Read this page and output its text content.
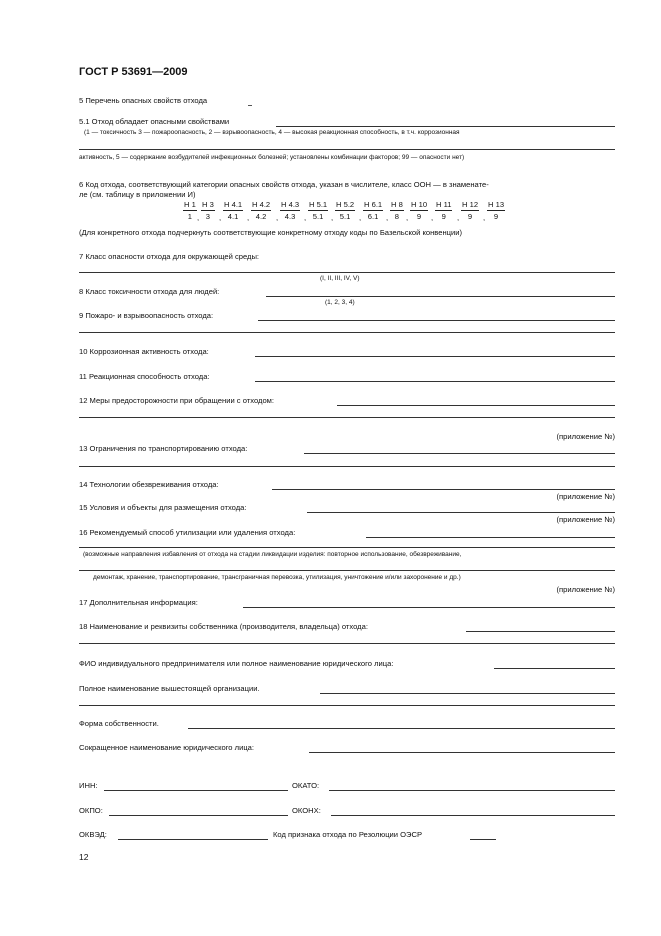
ГОСТ Р 53691—2009
5 Перечень опасных свойств отхода
5.1 Отход обладает опасными свойствами
(1 — токсичность 3 — пожароопасность, 2 — взрывоопасность, 4 — высокая реакционная способность, в т.ч. коррозионная
активность, 5 — содержание возбудителей инфекционных болезней; установлены комбинации факторов; 99 — опасности нет)
6 Код отхода, соответствующий категории опасных свойств отхода, указан в числителе, класс ООН — в знаменате-
ле (см. таблицу в приложении И)
$\frac{H 1}{1}$ , $\frac{H 3}{3}$ , $\frac{H 4.1}{4.1}$ , $\frac{H 4.2}{4.2}$ , $\frac{H 4.3}{4.3}$ , $\frac{H 5.1}{5.1}$ , $\frac{H 5.2}{5.1}$ , $\frac{H 6.1}{6.1}$ , $\frac{H 8}{8}$ , $\frac{H 10}{9}$ , $\frac{H 11}{9}$ , $\frac{H 12}{9}$ , $\frac{H 13}{9}$
(Для конкретного отхода подчеркнуть соответствующие конкретному отходу коды по Базельской конвенции)
7 Класс опасности отхода для окружающей среды:
(I, II, III, IV, V)
8 Класс токсичности отхода для людей:
(1, 2, 3, 4)
9 Пожаро- и взрывоопасность отхода:
10 Коррозионная активность отхода:
11 Реакционная способность отхода:
12 Меры предосторожности при обращении с отходом:
(приложение №)
13 Ограничения по транспортированию отхода:
14 Технологии обезвреживания отхода:
(приложение №)
15 Условия и объекты для размещения отхода:
(приложение №)
16 Рекомендуемый способ утилизации или удаления отхода:
(возможные направления избавления от отхода на стадии ликвидации изделия: повторное использование, обезвреживание,
демонтаж, хранение, транспортирование, трансграничная перевозка, утилизация, уничтожение и/или захоронение и др.)
(приложение №)
17 Дополнительная информация:
18 Наименование и реквизиты собственника (производителя, владельца) отхода:
ФИО индивидуального предпринимателя или полное наименование юридического лица:
Полное наименование вышестоящей организации.
Форма собственности.
Сокращенное наименование юридического лица:
ИНН:	ОКАТО:
ОКПО:	ОКОНХ:
ОКВЭД:	Код признака отхода по Резолюции ОЭСР
12
